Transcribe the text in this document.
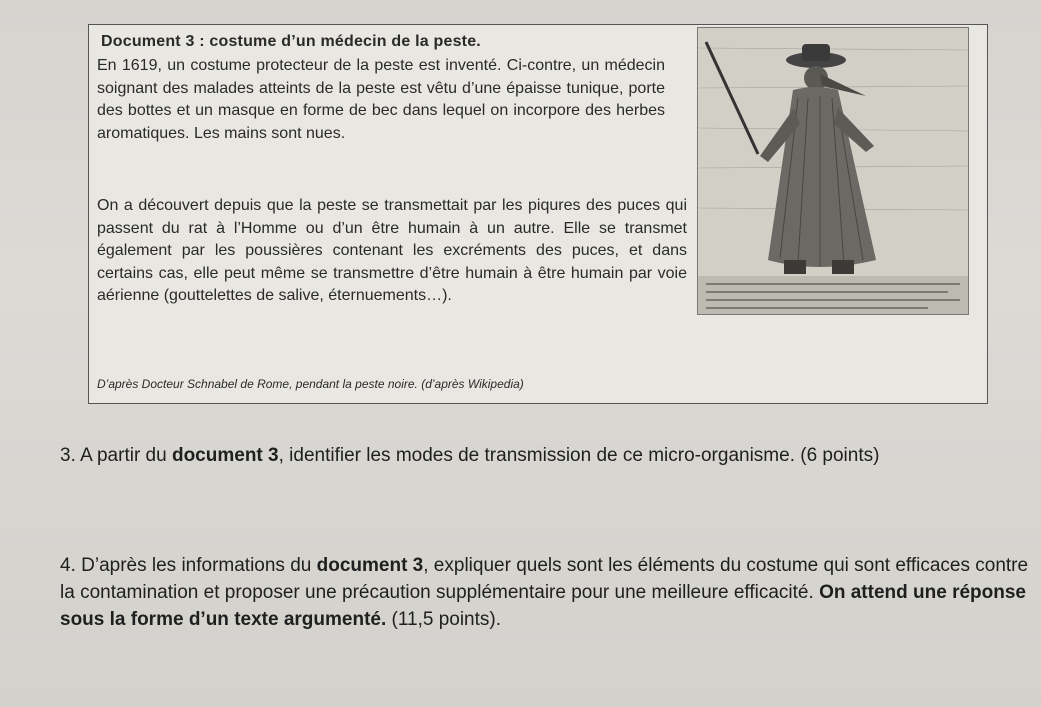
Document 3 : costume d’un médecin de la peste.
En 1619, un costume protecteur de la peste est inventé. Ci-contre, un médecin soignant des malades atteints de la peste est vêtu d’une épaisse tunique, porte des bottes et un masque en forme de bec dans lequel on incorpore des herbes aromatiques. Les mains sont nues.
On a découvert depuis que la peste se transmettait par les piqures des puces qui passent du rat à l’Homme ou d’un être humain à un autre. Elle se transmet également par les poussières contenant les excréments des puces, et dans certains cas, elle peut même se transmettre d’être humain à être humain par voie aérienne (gouttelettes de salive, éternuements…).
D’après Docteur Schnabel de Rome, pendant la peste noire. (d’après Wikipedia)
3. A partir du document 3, identifier les modes de transmission de ce micro-organisme. (6 points)
4. D’après les informations du document 3, expliquer quels sont les éléments du costume qui sont efficaces contre la contamination et proposer une précaution supplémentaire pour une meilleure efficacité. On attend une réponse sous la forme d’un texte argumenté. (11,5 points).
